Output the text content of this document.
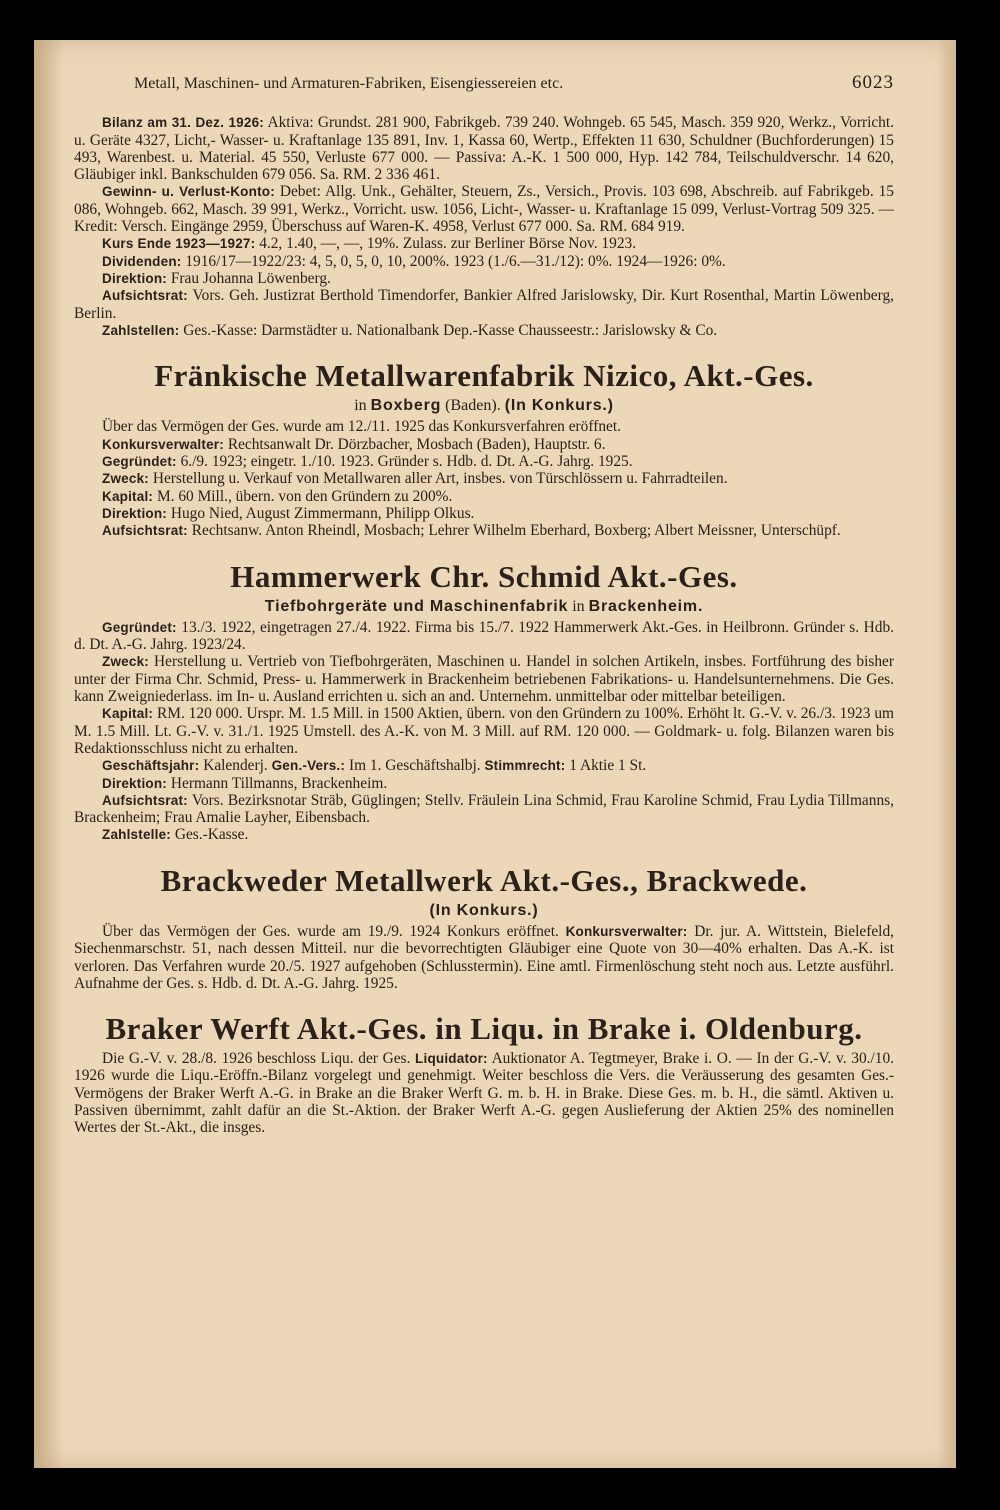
Metall, Maschinen- und Armaturen-Fabriken, Eisengiessereien etc.	6023

Bilanz am 31. Dez. 1926: Aktiva: Grundst. 281 900, Fabrikgeb. 739 240. Wohngeb. 65 545, Masch. 359 920, Werkz., Vorricht. u. Geräte 4327, Licht,- Wasser- u. Kraftanlage 135 891, Inv. 1, Kassa 60, Wertp., Effekten 11 630, Schuldner (Buchforderungen) 15 493, Warenbest. u. Material. 45 550, Verluste 677 000. — Passiva: A.-K. 1 500 000, Hyp. 142 784, Teilschuldverschr. 14 620, Gläubiger inkl. Bankschulden 679 056. Sa. RM. 2 336 461.

Gewinn- u. Verlust-Konto: Debet: Allg. Unk., Gehälter, Steuern, Zs., Versich., Provis. 103 698, Abschreib. auf Fabrikgeb. 15 086, Wohngeb. 662, Masch. 39 991, Werkz., Vorricht. usw. 1056, Licht-, Wasser- u. Kraftanlage 15 099, Verlust-Vortrag 509 325. — Kredit: Versch. Eingänge 2959, Überschuss auf Waren-K. 4958, Verlust 677 000. Sa. RM. 684 919.

Kurs Ende 1923—1927: 4.2, 1.40, —, —, 19%. Zulass. zur Berliner Börse Nov. 1923.

Dividenden: 1916/17—1922/23: 4, 5, 0, 5, 0, 10, 200%. 1923 (1./6.—31./12): 0%. 1924—1926: 0%.

Direktion: Frau Johanna Löwenberg.

Aufsichtsrat: Vors. Geh. Justizrat Berthold Timendorfer, Bankier Alfred Jarislowsky, Dir. Kurt Rosenthal, Martin Löwenberg, Berlin.

Zahlstellen: Ges.-Kasse: Darmstädter u. Nationalbank Dep.-Kasse Chausseestr.: Jarislowsky & Co.

Fränkische Metallwarenfabrik Nizico, Akt.-Ges.
in Boxberg (Baden). (In Konkurs.)

Über das Vermögen der Ges. wurde am 12./11. 1925 das Konkursverfahren eröffnet.

Konkursverwalter: Rechtsanwalt Dr. Dörzbacher, Mosbach (Baden), Hauptstr. 6.

Gegründet: 6./9. 1923; eingetr. 1./10. 1923. Gründer s. Hdb. d. Dt. A.-G. Jahrg. 1925.

Zweck: Herstellung u. Verkauf von Metallwaren aller Art, insbes. von Türschlössern u. Fahrradteilen.

Kapital: M. 60 Mill., übern. von den Gründern zu 200%.

Direktion: Hugo Nied, August Zimmermann, Philipp Olkus.

Aufsichtsrat: Rechtsanw. Anton Rheindl, Mosbach; Lehrer Wilhelm Eberhard, Boxberg; Albert Meissner, Unterschüpf.

Hammerwerk Chr. Schmid Akt.-Ges.
Tiefbohrgeräte und Maschinenfabrik in Brackenheim.

Gegründet: 13./3. 1922, eingetragen 27./4. 1922. Firma bis 15./7. 1922 Hammerwerk Akt.-Ges. in Heilbronn. Gründer s. Hdb. d. Dt. A.-G. Jahrg. 1923/24.

Zweck: Herstellung u. Vertrieb von Tiefbohrgeräten, Maschinen u. Handel in solchen Artikeln, insbes. Fortführung des bisher unter der Firma Chr. Schmid, Press- u. Hammerwerk in Brackenheim betriebenen Fabrikations- u. Handelsunternehmens. Die Ges. kann Zweigniederlass. im In- u. Ausland errichten u. sich an and. Unternehm. unmittelbar oder mittelbar beteiligen.

Kapital: RM. 120 000. Urspr. M. 1.5 Mill. in 1500 Aktien, übern. von den Gründern zu 100%. Erhöht lt. G.-V. v. 26./3. 1923 um M. 1.5 Mill. Lt. G.-V. v. 31./1. 1925 Umstell. des A.-K. von M. 3 Mill. auf RM. 120 000. — Goldmark- u. folg. Bilanzen waren bis Redaktionsschluss nicht zu erhalten.

Geschäftsjahr: Kalenderj. Gen.-Vers.: Im 1. Geschäftshalbj. Stimmrecht: 1 Aktie 1 St.

Direktion: Hermann Tillmanns, Brackenheim.

Aufsichtsrat: Vors. Bezirksnotar Sträb, Güglingen; Stellv. Fräulein Lina Schmid, Frau Karoline Schmid, Frau Lydia Tillmanns, Brackenheim; Frau Amalie Layher, Eibensbach.

Zahlstelle: Ges.-Kasse.

Brackweder Metallwerk Akt.-Ges., Brackwede.
(In Konkurs.)

Über das Vermögen der Ges. wurde am 19./9. 1924 Konkurs eröffnet. Konkursverwalter: Dr. jur. A. Wittstein, Bielefeld, Siechenmarschstr. 51, nach dessen Mitteil. nur die bevorrechtigten Gläubiger eine Quote von 30—40% erhalten. Das A.-K. ist verloren. Das Verfahren wurde 20./5. 1927 aufgehoben (Schlusstermin). Eine amtl. Firmenlöschung steht noch aus. Letzte ausführl. Aufnahme der Ges. s. Hdb. d. Dt. A.-G. Jahrg. 1925.

Braker Werft Akt.-Ges. in Liqu. in Brake i. Oldenburg.

Die G.-V. v. 28./8. 1926 beschloss Liqu. der Ges. Liquidator: Auktionator A. Tegtmeyer, Brake i. O. — In der G.-V. v. 30./10. 1926 wurde die Liqu.-Eröffn.-Bilanz vorgelegt und genehmigt. Weiter beschloss die Vers. die Veräusserung des gesamten Ges.-Vermögens der Braker Werft A.-G. in Brake an die Braker Werft G. m. b. H. in Brake. Diese Ges. m. b. H., die sämtl. Aktiven u. Passiven übernimmt, zahlt dafür an die St.-Aktion. der Braker Werft A.-G. gegen Auslieferung der Aktien 25% des nominellen Wertes der St.-Akt., die insges.
